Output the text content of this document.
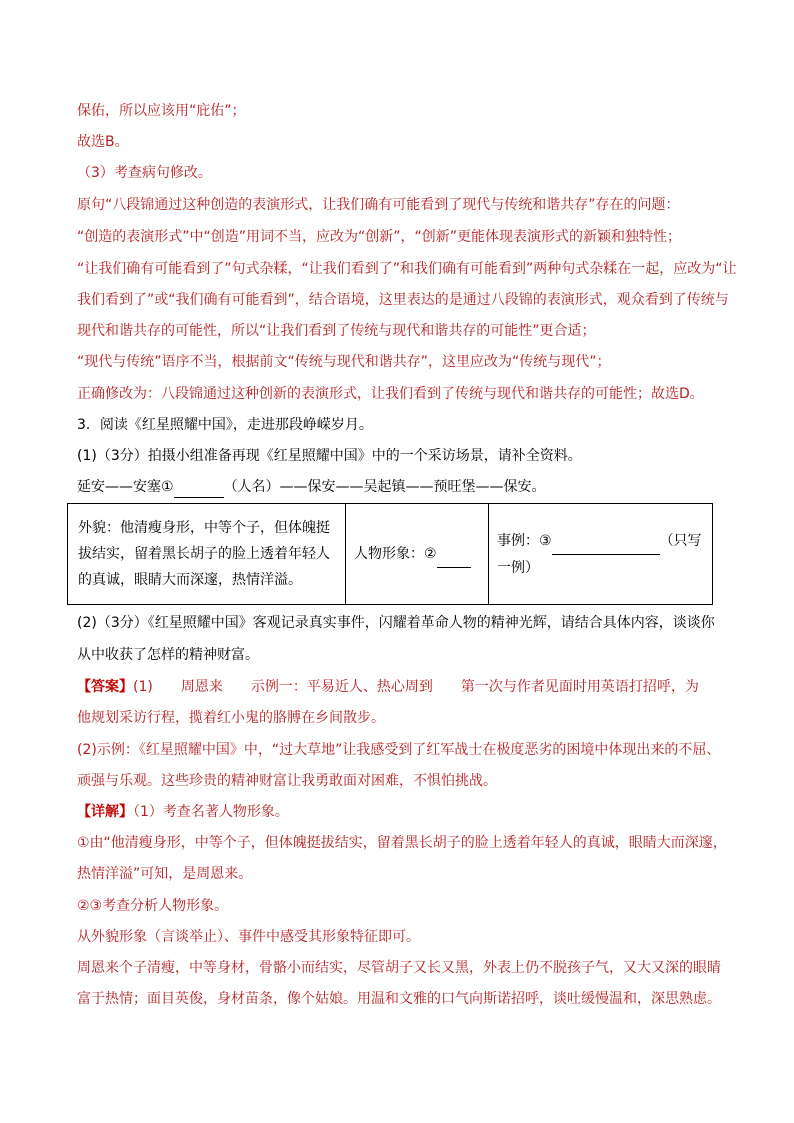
保佑，所以应该用“庇佑”；
故选B。
（3）考查病句修改。
原句“八段锦通过这种创造的表演形式，让我们确有可能看到了现代与传统和谐共存”存在的问题：
“创造的表演形式”中“创造”用词不当，应改为“创新”，“创新”更能体现表演形式的新颖和独特性；
“让我们确有可能看到了”句式杂糅，“让我们看到了”和我们确有可能看到”两种句式杂糅在一起，应改为“让
我们看到了”或“我们确有可能看到”，结合语境，这里表达的是通过八段锦的表演形式，观众看到了传统与
现代和谐共存的可能性，所以“让我们看到了传统与现代和谐共存的可能性”更合适；
“现代与传统”语序不当，根据前文“传统与现代和谐共存”，这里应改为“传统与现代”；
正确修改为：八段锦通过这种创新的表演形式，让我们看到了传统与现代和谐共存的可能性；故选D。
3．阅读《红星照耀中国》，走进那段峥嵘岁月。
(1)（3分）拍摄小组准备再现《红星照耀中国》中的一个采访场景，请补全资料。
延安——安塞①	（人名）——保安——吴起镇——预旺堡——保安。
外貌：他清瘦身形，中等个子，但体魄挺拔结实，留着黑长胡子的脸上透着年轻人的真诚，眼睛大而深邃，热情洋溢。	人物形象：②	事例：③	（只写一例）
(2)（3分）《红星照耀中国》客观记录真实事件，闪耀着革命人物的精神光辉，请结合具体内容，谈谈你
从中收获了怎样的精神财富。
【答案】(1)　　周恩来　　示例一：平易近人、热心周到　　第一次与作者见面时用英语打招呼，为
他规划采访行程，揽着红小鬼的胳膊在乡间散步。
(2)示例：《红星照耀中国》中，“过大草地”让我感受到了红军战士在极度恶劣的困境中体现出来的不屈、
顽强与乐观。这些珍贵的精神财富让我勇敢面对困难，不惧怕挑战。
【详解】（1）考查名著人物形象。
①由“他清瘦身形，中等个子，但体魄挺拔结实，留着黑长胡子的脸上透着年轻人的真诚，眼睛大而深邃，
热情洋溢”可知，是周恩来。
②③考查分析人物形象。
从外貌形象（言谈举止）、事件中感受其形象特征即可。
周恩来个子清瘦，中等身材，骨骼小而结实，尽管胡子又长又黑，外表上仍不脱孩子气，又大又深的眼睛
富于热情；面目英俊，身材苗条，像个姑娘。用温和文雅的口气向斯诺招呼，谈吐缓慢温和，深思熟虑。
